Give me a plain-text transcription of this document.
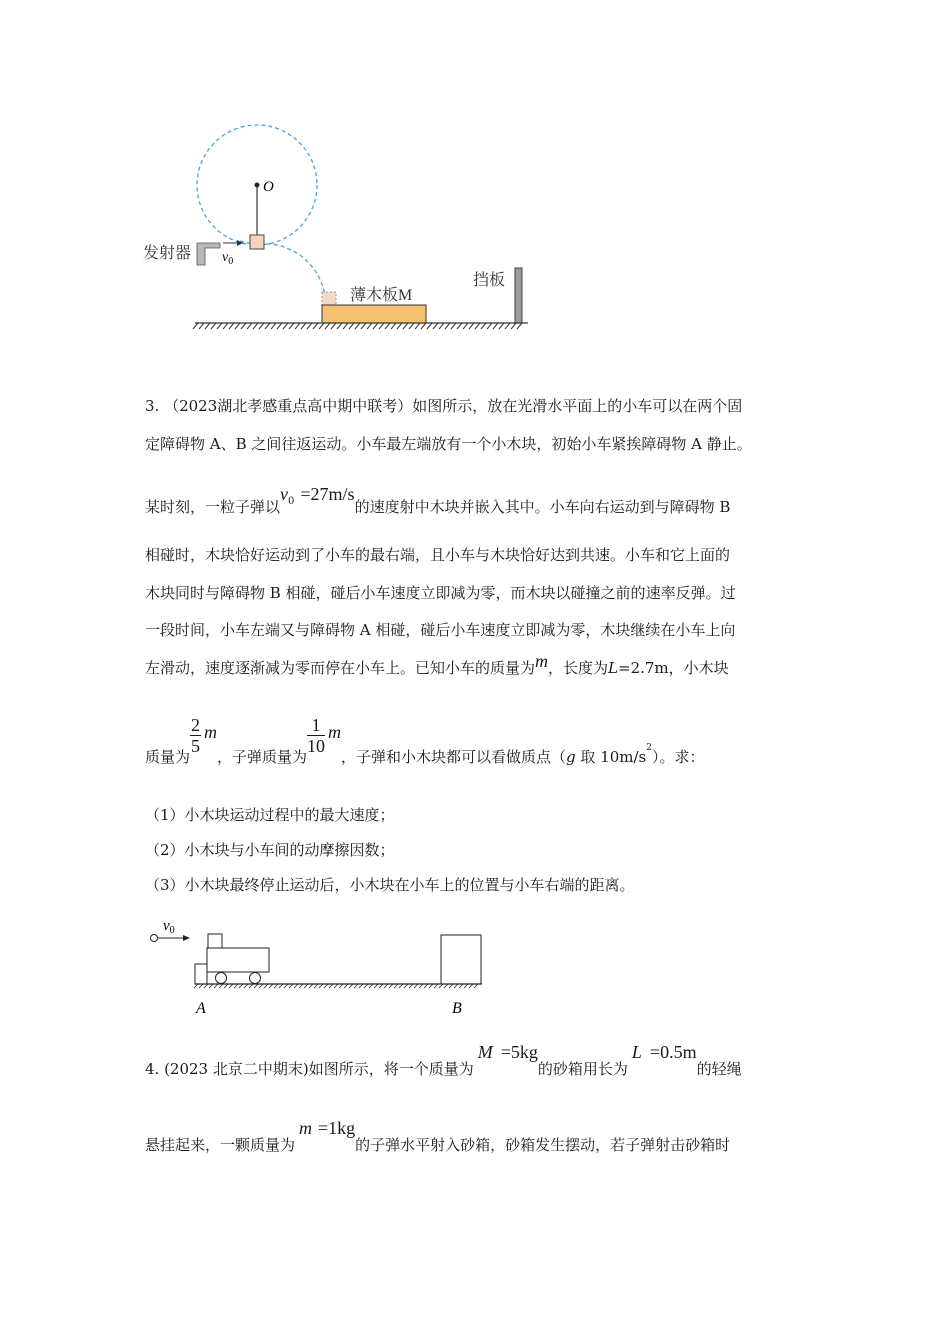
O
发射器 $v_0$
薄木板M
挡板
3. （2023湖北孝感重点高中期中联考）如图所示，放在光滑水平面上的小车可以在两个固
定障碍物 A、B 之间往返运动。小车最左端放有一个小木块，初始小车紧挨障碍物 A 静止。
某时刻，一粒子弹以$v_0 =27m/s$的速度射中木块并嵌入其中。小车向右运动到与障碍物 B
相碰时，木块恰好运动到了小车的最右端，且小车与木块恰好达到共速。小车和它上面的
木块同时与障碍物 B 相碰，碰后小车速度立即减为零，而木块以碰撞之前的速率反弹。过
一段时间，小车左端又与障碍物 A 相碰，碰后小车速度立即减为零，木块继续在小车上向
左滑动，速度逐渐减为零而停在小车上。已知小车的质量为m，长度为L=2.7m，小木块
质量为
$\frac{2}{5}$ m，子弹质量为
$\frac{1}{10}$ m，子弹和小木块都可以看做质点（g 取 $10m/s^2$）。求：
（1）小木块运动过程中的最大速度；
（2）小木块与小车间的动摩擦因数；
（3）小木块最终停止运动后，小木块在小车上的位置与小车右端的距离。
$v_0$
A	B
4. (2023 北京二中期末)如图所示，将一个质量为M =5kg的砂箱用长为L =0.5m的轻绳
悬挂起来，一颗质量为m =1kg的子弹水平射入砂箱，砂箱发生摆动，若子弹射击砂箱时
